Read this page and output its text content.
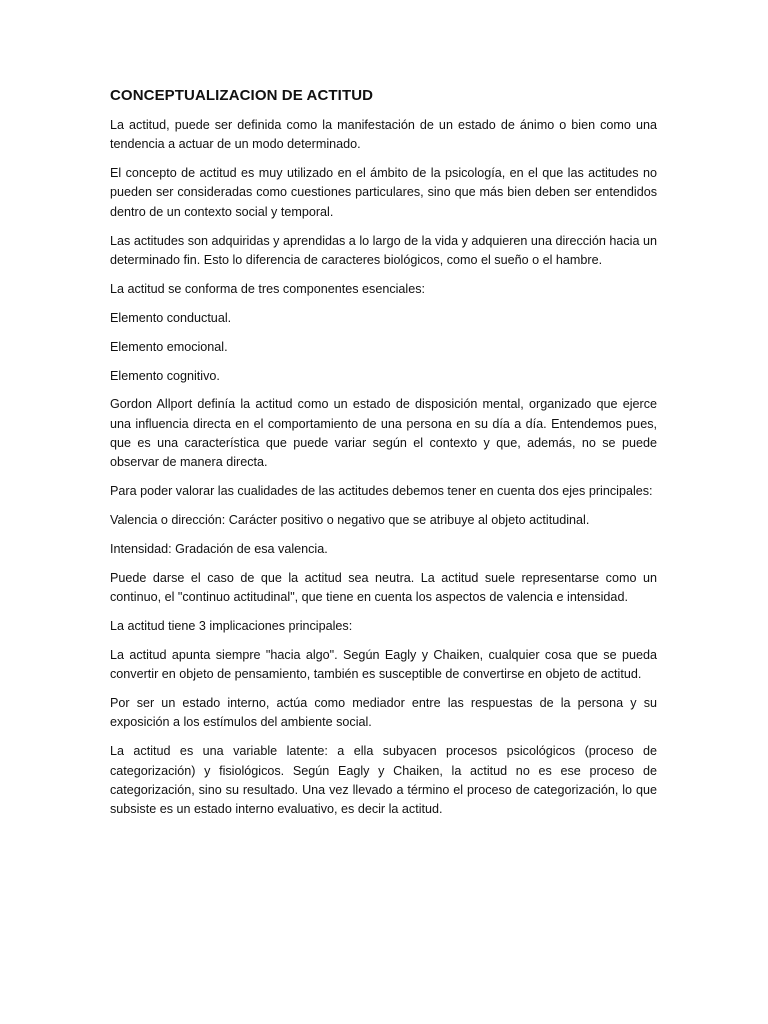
CONCEPTUALIZACION DE ACTITUD

La actitud, puede ser definida como la manifestación de un estado de ánimo o bien como una tendencia a actuar de un modo determinado.

El concepto de actitud es muy utilizado en el ámbito de la psicología, en el que las actitudes no pueden ser consideradas como cuestiones particulares, sino que más bien deben ser entendidos dentro de un contexto social y temporal.

Las actitudes son adquiridas y aprendidas a lo largo de la vida y adquieren una dirección hacia un determinado fin. Esto lo diferencia de caracteres biológicos, como el sueño o el hambre.

La actitud se conforma de tres componentes esenciales:

Elemento conductual.

Elemento emocional.

Elemento cognitivo.

Gordon Allport definía la actitud como un estado de disposición mental, organizado que ejerce una influencia directa en el comportamiento de una persona en su día a día. Entendemos pues, que es una característica que puede variar según el contexto y que, además, no se puede observar de manera directa.

Para poder valorar las cualidades de las actitudes debemos tener en cuenta dos ejes principales:

Valencia o dirección: Carácter positivo o negativo que se atribuye al objeto actitudinal.

Intensidad: Gradación de esa valencia.

Puede darse el caso de que la actitud sea neutra. La actitud suele representarse como un continuo, el "continuo actitudinal", que tiene en cuenta los aspectos de valencia e intensidad.

La actitud tiene 3 implicaciones principales:

La actitud apunta siempre "hacia algo". Según Eagly y Chaiken, cualquier cosa que se pueda convertir en objeto de pensamiento, también es susceptible de convertirse en objeto de actitud.

Por ser un estado interno, actúa como mediador entre las respuestas de la persona y su exposición a los estímulos del ambiente social.

La actitud es una variable latente: a ella subyacen procesos psicológicos (proceso de categorización) y fisiológicos. Según Eagly y Chaiken, la actitud no es ese proceso de categorización, sino su resultado. Una vez llevado a término el proceso de categorización, lo que subsiste es un estado interno evaluativo, es decir la actitud.
